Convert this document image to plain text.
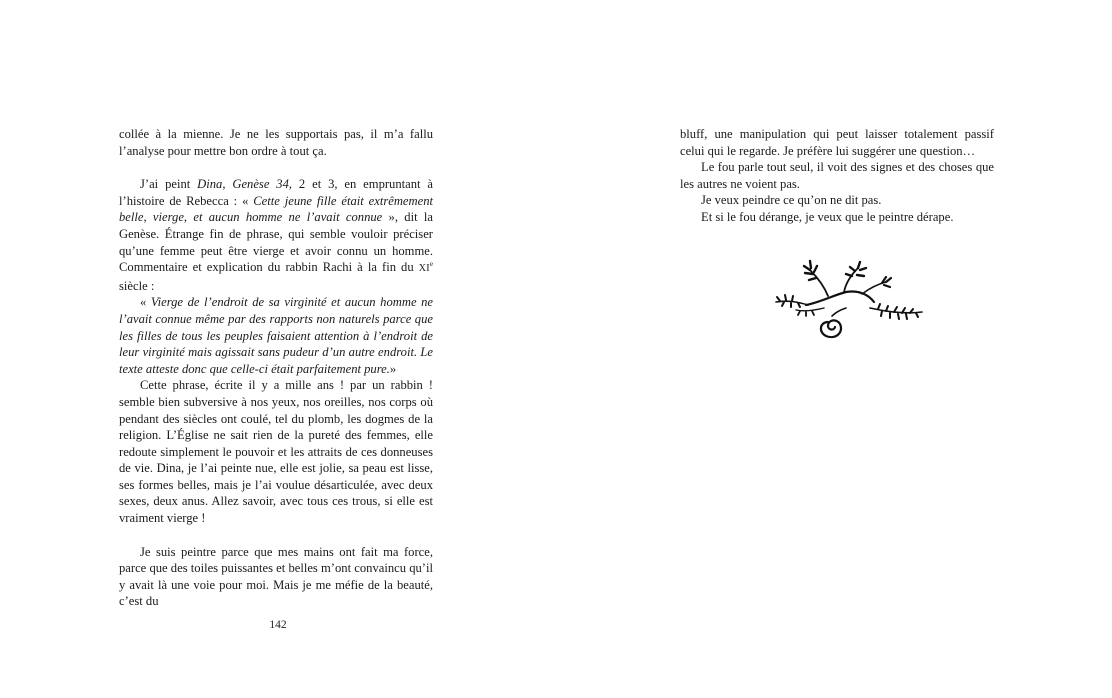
collée à la mienne. Je ne les supportais pas, il m’a fallu l’analyse pour mettre bon ordre à tout ça.

J’ai peint Dina, Genèse 34, 2 et 3, en empruntant à l’histoire de Rebecca : « Cette jeune fille était extrêmement belle, vierge, et aucun homme ne l’avait connue », dit la Genèse. Étrange fin de phrase, qui semble vouloir préciser qu’une femme peut être vierge et avoir connu un homme. Commentaire et explication du rabbin Rachi à la fin du XIe siècle :

« Vierge de l’endroit de sa virginité et aucun homme ne l’avait connue même par des rapports non naturels parce que les filles de tous les peuples faisaient attention à l’endroit de leur virginité mais agissait sans pudeur d’un autre endroit. Le texte atteste donc que celle-ci était parfaitement pure.»

Cette phrase, écrite il y a mille ans ! par un rabbin ! semble bien subversive à nos yeux, nos oreilles, nos corps où pendant des siècles ont coulé, tel du plomb, les dogmes de la religion. L’Église ne sait rien de la pureté des femmes, elle redoute simplement le pouvoir et les attraits de ces donneuses de vie. Dina, je l’ai peinte nue, elle est jolie, sa peau est lisse, ses formes belles, mais je l’ai voulue désarticulée, avec deux sexes, deux anus. Allez savoir, avec tous ces trous, si elle est vraiment vierge !

Je suis peintre parce que mes mains ont fait ma force, parce que des toiles puissantes et belles m’ont convaincu qu’il y avait là une voie pour moi. Mais je me méfie de la beauté, c’est du

142

bluff, une manipulation qui peut laisser totalement passif celui qui le regarde. Je préfère lui suggérer une question…

Le fou parle tout seul, il voit des signes et des choses que les autres ne voient pas.

Je veux peindre ce qu’on ne dit pas.

Et si le fou dérange, je veux que le peintre dérape.
